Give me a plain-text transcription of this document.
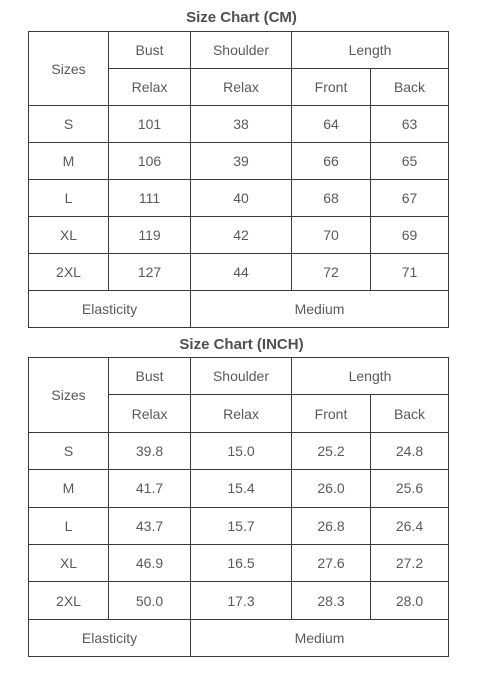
Size Chart (CM)
Sizes	Bust	Shoulder	Length	
	Relax	Relax	Front	Back
S	101	38	64	63
M	106	39	66	65
L	111	40	68	67
XL	119	42	70	69
2XL	127	44	72	71
Elasticity		Medium		
Size Chart (INCH)
Sizes	Bust	Shoulder	Length	
	Relax	Relax	Front	Back
S	39.8	15.0	25.2	24.8
M	41.7	15.4	26.0	25.6
L	43.7	15.7	26.8	26.4
XL	46.9	16.5	27.6	27.2
2XL	50.0	17.3	28.3	28.0
Elasticity		Medium		
